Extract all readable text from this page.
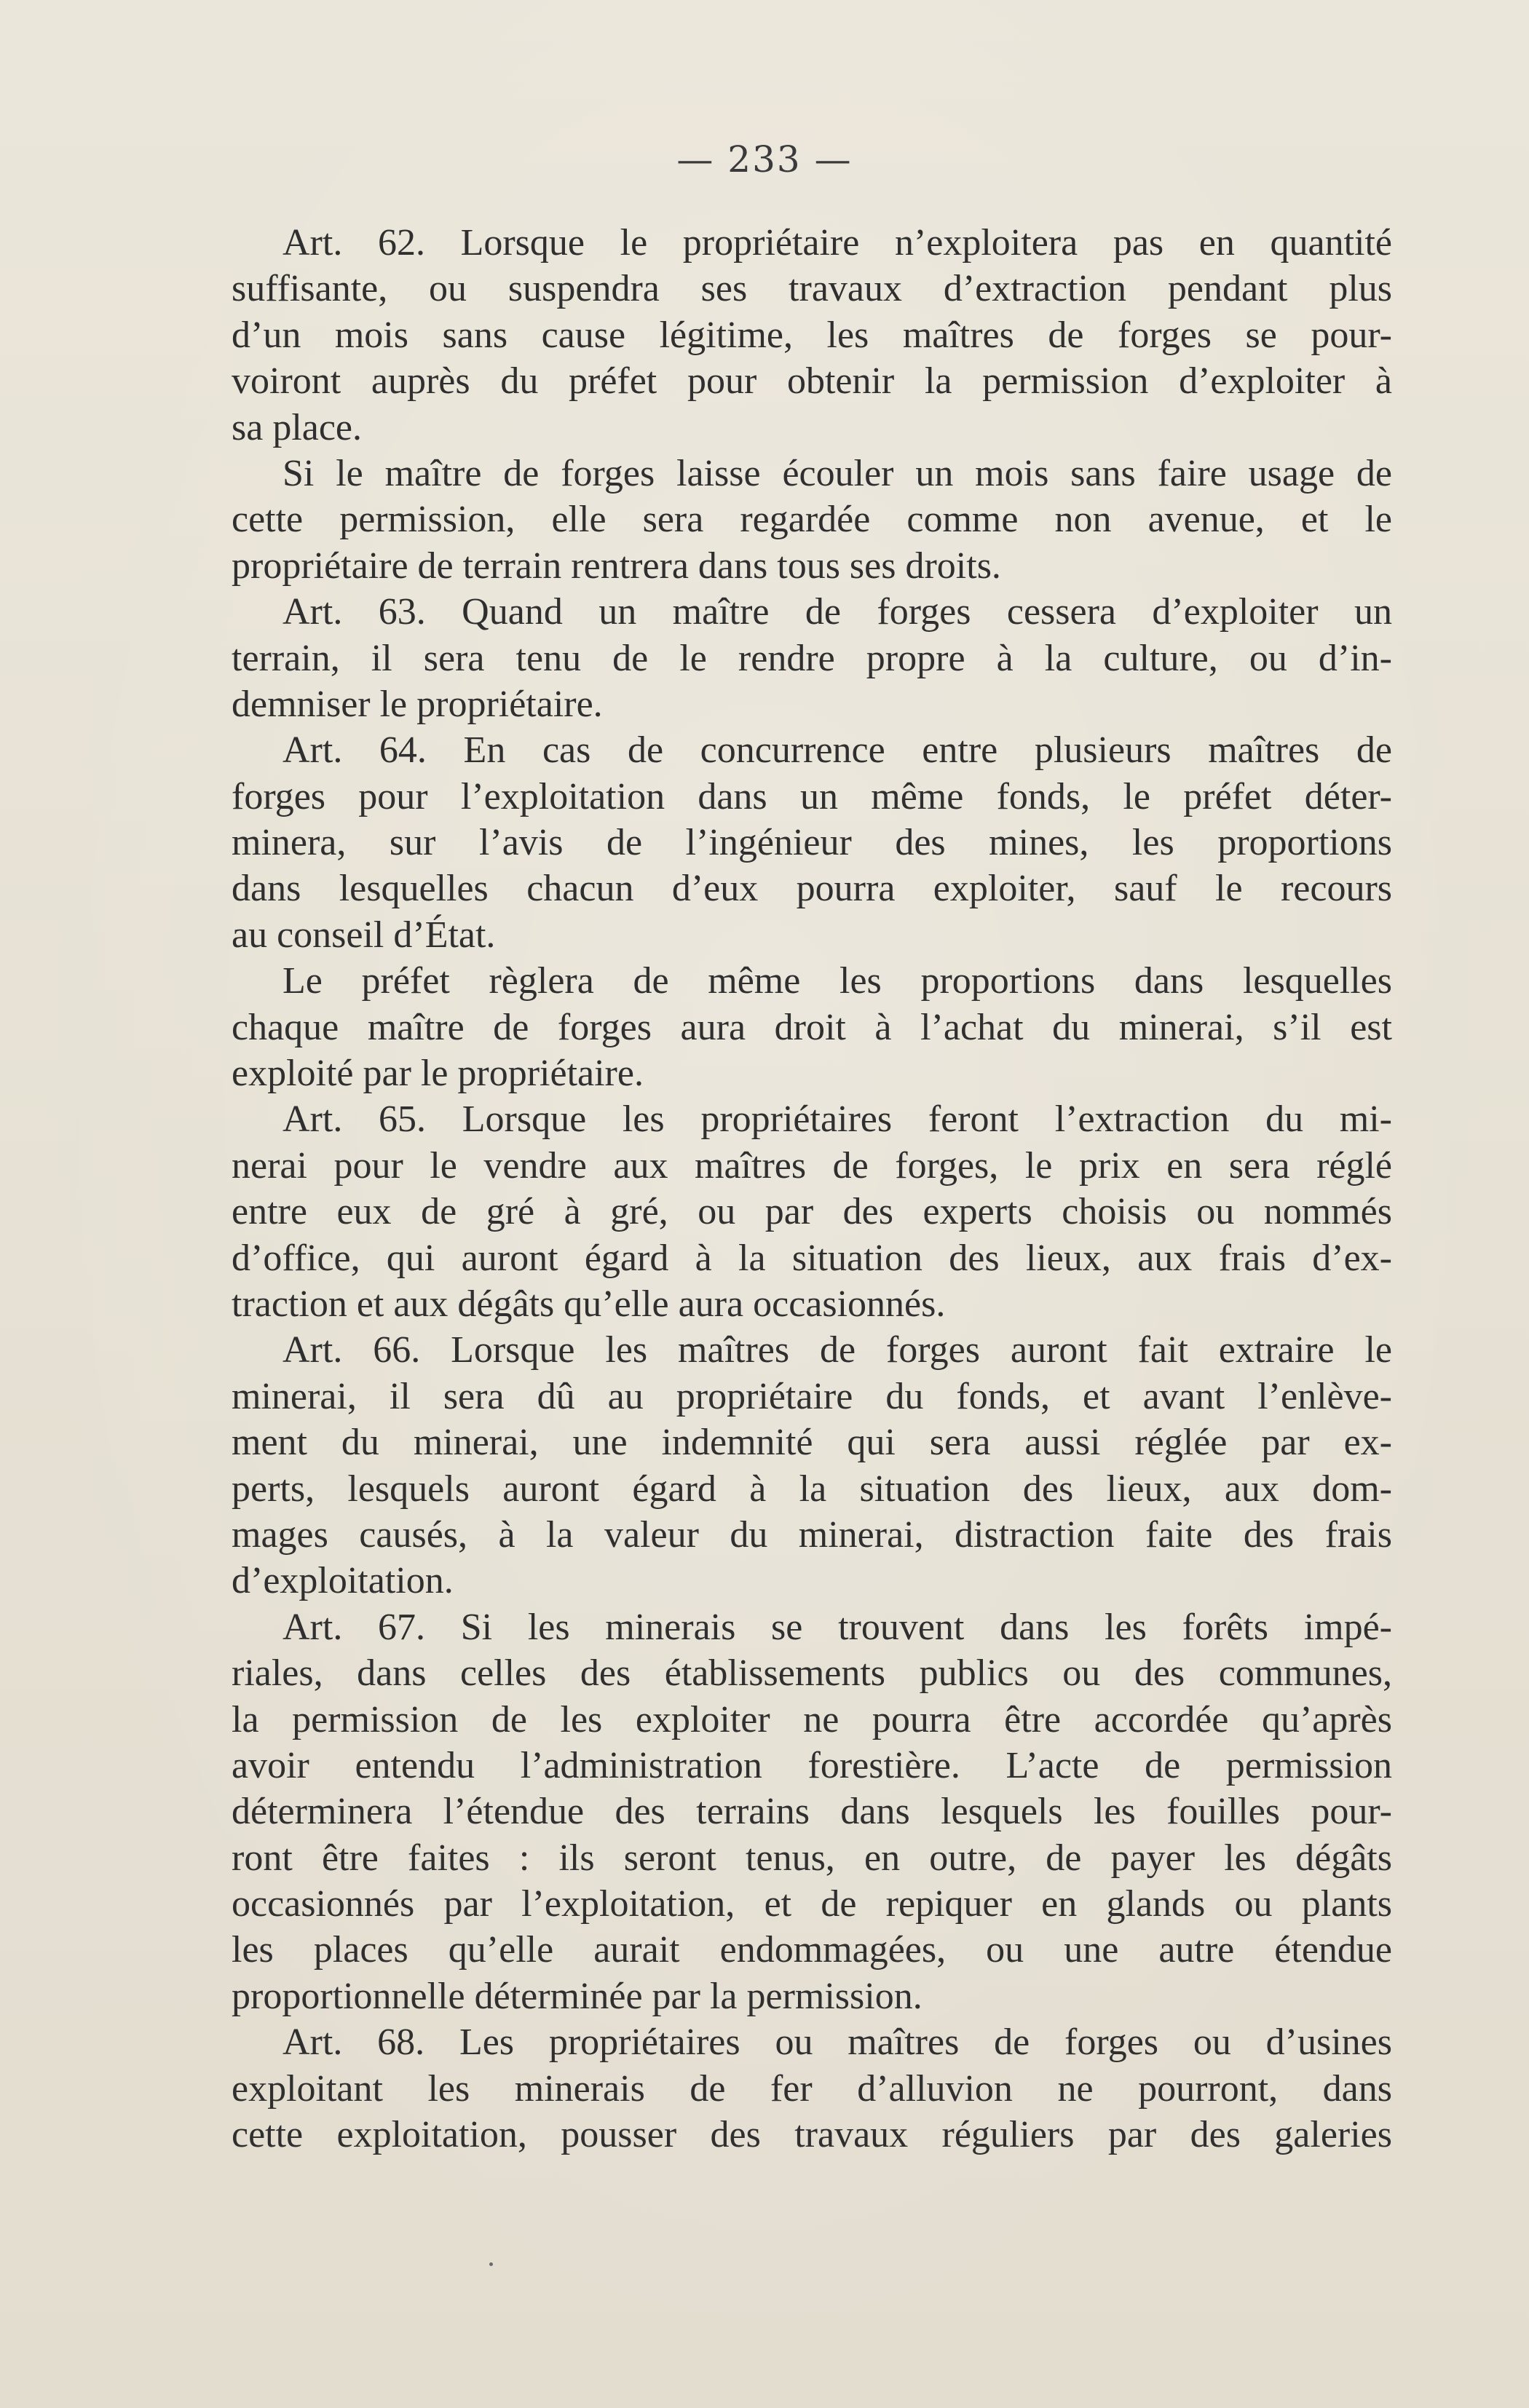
— 233 —
Art. 62. Lorsque le propriétaire n’exploitera pas en quantité
suffisante, ou suspendra ses travaux d’extraction pendant plus
d’un mois sans cause légitime, les maîtres de forges se pour-
voiront auprès du préfet pour obtenir la permission d’exploiter à
sa place.
Si le maître de forges laisse écouler un mois sans faire usage de
cette permission, elle sera regardée comme non avenue, et le
propriétaire de terrain rentrera dans tous ses droits.
Art. 63. Quand un maître de forges cessera d’exploiter un
terrain, il sera tenu de le rendre propre à la culture, ou d’in-
demniser le propriétaire.
Art. 64. En cas de concurrence entre plusieurs maîtres de
forges pour l’exploitation dans un même fonds, le préfet déter-
minera, sur l’avis de l’ingénieur des mines, les proportions
dans lesquelles chacun d’eux pourra exploiter, sauf le recours
au conseil d’État.
Le préfet règlera de même les proportions dans lesquelles
chaque maître de forges aura droit à l’achat du minerai, s’il est
exploité par le propriétaire.
Art. 65. Lorsque les propriétaires feront l’extraction du mi-
nerai pour le vendre aux maîtres de forges, le prix en sera réglé
entre eux de gré à gré, ou par des experts choisis ou nommés
d’office, qui auront égard à la situation des lieux, aux frais d’ex-
traction et aux dégâts qu’elle aura occasionnés.
Art. 66. Lorsque les maîtres de forges auront fait extraire le
minerai, il sera dû au propriétaire du fonds, et avant l’enlève-
ment du minerai, une indemnité qui sera aussi réglée par ex-
perts, lesquels auront égard à la situation des lieux, aux dom-
mages causés, à la valeur du minerai, distraction faite des frais
d’exploitation.
Art. 67. Si les minerais se trouvent dans les forêts impé-
riales, dans celles des établissements publics ou des communes,
la permission de les exploiter ne pourra être accordée qu’après
avoir entendu l’administration forestière. L’acte de permission
déterminera l’étendue des terrains dans lesquels les fouilles pour-
ront être faites : ils seront tenus, en outre, de payer les dégâts
occasionnés par l’exploitation, et de repiquer en glands ou plants
les places qu’elle aurait endommagées, ou une autre étendue
proportionnelle déterminée par la permission.
Art. 68. Les propriétaires ou maîtres de forges ou d’usines
exploitant les minerais de fer d’alluvion ne pourront, dans
cette exploitation, pousser des travaux réguliers par des galeries
